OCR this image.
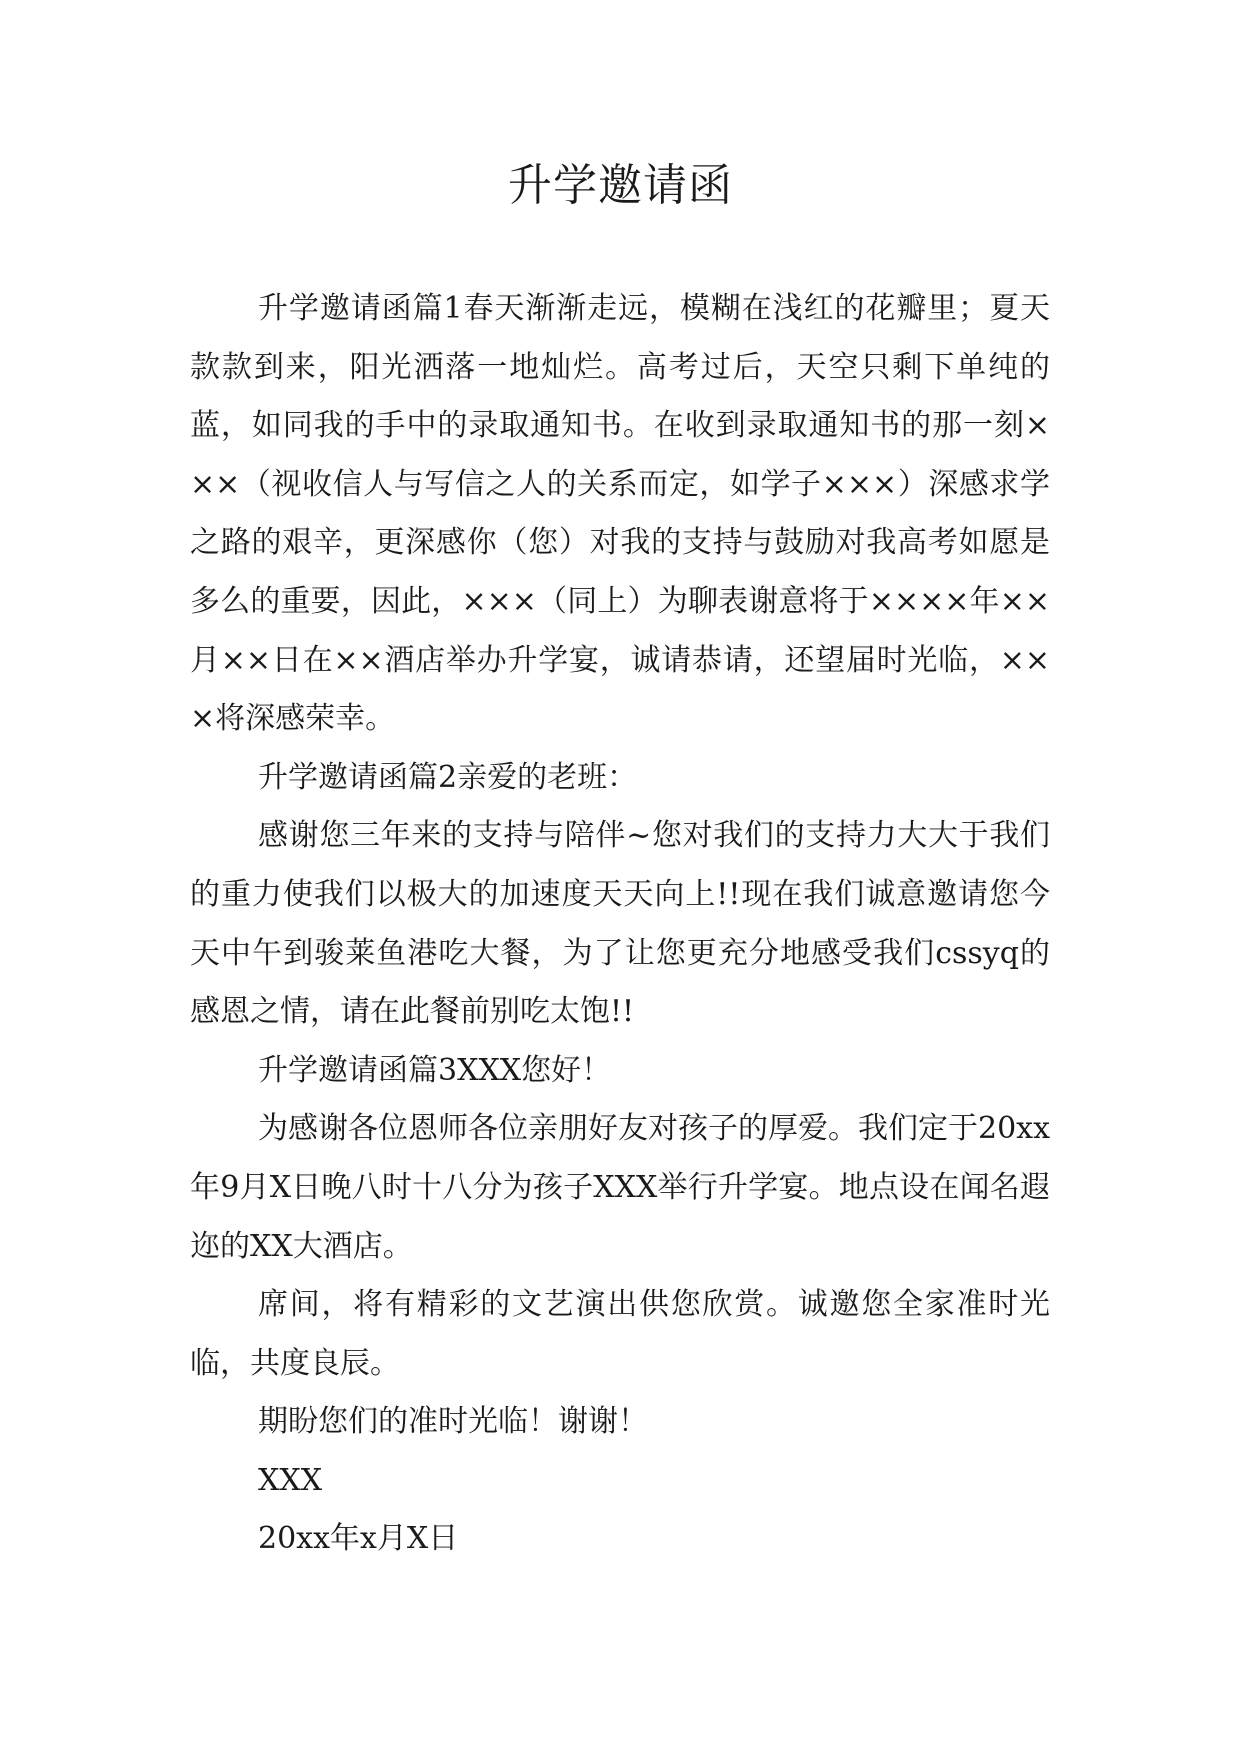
升学邀请函

升学邀请函篇1春天渐渐走远，模糊在浅红的花瓣里；夏天款款到来，阳光洒落一地灿烂。高考过后，天空只剩下单纯的蓝，如同我的手中的录取通知书。在收到录取通知书的那一刻×××（视收信人与写信之人的关系而定，如学子×××）深感求学之路的艰辛，更深感你（您）对我的支持与鼓励对我高考如愿是多么的重要，因此，×××（同上）为聊表谢意将于××××年××月××日在××酒店举办升学宴，诚请恭请，还望届时光临，×××将深感荣幸。

升学邀请函篇2亲爱的老班：

感谢您三年来的支持与陪伴~您对我们的支持力大大于我们的重力使我们以极大的加速度天天向上!!现在我们诚意邀请您今天中午到骏莱鱼港吃大餐，为了让您更充分地感受我们cssyq的感恩之情，请在此餐前别吃太饱!!

升学邀请函篇3XXX您好！

为感谢各位恩师各位亲朋好友对孩子的厚爱。我们定于20xx年9月X日晚八时十八分为孩子XXX举行升学宴。地点设在闻名遐迩的XX大酒店。

席间，将有精彩的文艺演出供您欣赏。诚邀您全家准时光临，共度良辰。

期盼您们的准时光临！谢谢！

XXX

20xx年x月X日
